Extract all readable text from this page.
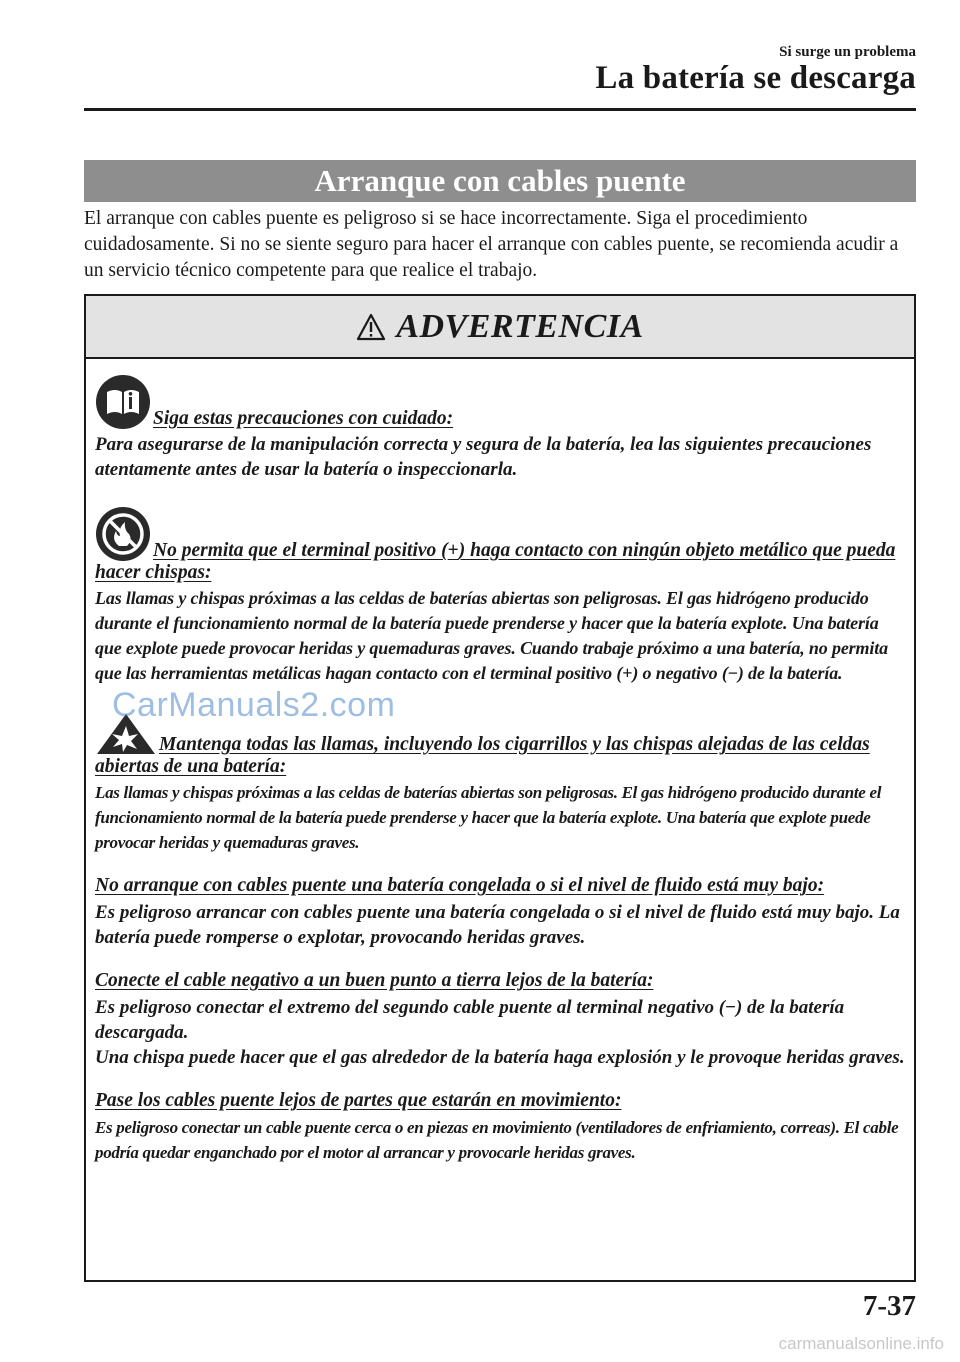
Si surge un problema
La batería se descarga
Arranque con cables puente
El arranque con cables puente es peligroso si se hace incorrectamente. Siga el procedimiento cuidadosamente. Si no se siente seguro para hacer el arranque con cables puente, se recomienda acudir a un servicio técnico competente para que realice el trabajo.
ADVERTENCIA
Siga estas precauciones con cuidado:
Para asegurarse de la manipulación correcta y segura de la batería, lea las siguientes precauciones atentamente antes de usar la batería o inspeccionarla.
No permita que el terminal positivo (+) haga contacto con ningún objeto metálico que pueda hacer chispas:
Las llamas y chispas próximas a las celdas de baterías abiertas son peligrosas. El gas hidrógeno producido durante el funcionamiento normal de la batería puede prenderse y hacer que la batería explote. Una batería que explote puede provocar heridas y quemaduras graves. Cuando trabaje próximo a una batería, no permita que las herramientas metálicas hagan contacto con el terminal positivo (+) o negativo (−) de la batería.
Mantenga todas las llamas, incluyendo los cigarrillos y las chispas alejadas de las celdas abiertas de una batería:
Las llamas y chispas próximas a las celdas de baterías abiertas son peligrosas. El gas hidrógeno producido durante el funcionamiento normal de la batería puede prenderse y hacer que la batería explote. Una batería que explote puede provocar heridas y quemaduras graves.
No arranque con cables puente una batería congelada o si el nivel de fluido está muy bajo:
Es peligroso arrancar con cables puente una batería congelada o si el nivel de fluido está muy bajo. La batería puede romperse o explotar, provocando heridas graves.
Conecte el cable negativo a un buen punto a tierra lejos de la batería:
Es peligroso conectar el extremo del segundo cable puente al terminal negativo (−) de la batería descargada.
Una chispa puede hacer que el gas alrededor de la batería haga explosión y le provoque heridas graves.
Pase los cables puente lejos de partes que estarán en movimiento:
Es peligroso conectar un cable puente cerca o en piezas en movimiento (ventiladores de enfriamiento, correas). El cable podría quedar enganchado por el motor al arrancar y provocarle heridas graves.
CarManuals2.com
7-37
carmanualsonline.info
